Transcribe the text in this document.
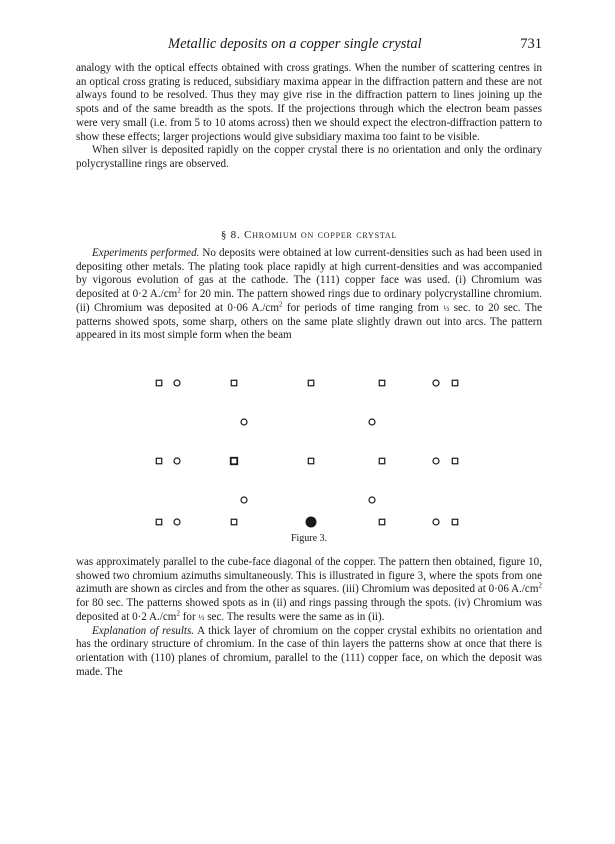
Metallic deposits on a copper single crystal	731

analogy with the optical effects obtained with cross gratings. When the number of scattering centres in an optical cross grating is reduced, subsidiary maxima appear in the diffraction pattern and these are not always found to be resolved. Thus they may give rise in the diffraction pattern to lines joining up the spots and of the same breadth as the spots. If the projections through which the electron beam passes were very small (i.e. from 5 to 10 atoms across) then we should expect the electron-diffraction pattern to show these effects; larger projections would give subsidiary maxima too faint to be visible.

When silver is deposited rapidly on the copper crystal there is no orientation and only the ordinary polycrystalline rings are observed.

§ 8. Chromium on copper crystal

Experiments performed. No deposits were obtained at low current-densities such as had been used in depositing other metals. The plating took place rapidly at high current-densities and was accompanied by vigorous evolution of gas at the cathode. The (111) copper face was used. (i) Chromium was deposited at 0·2 $A./cm^2$ for 20 min. The pattern showed rings due to ordinary polycrystalline chromium. (ii) Chromium was deposited at 0·06 $A./cm^2$ for periods of time ranging from ½ sec. to 20 sec. The patterns showed spots, some sharp, others on the same plate slightly drawn out into arcs. The pattern appeared in its most simple form when the beam

Figure 3.

was approximately parallel to the cube-face diagonal of the copper. The pattern then obtained, figure 10, showed two chromium azimuths simultaneously. This is illustrated in figure 3, where the spots from one azimuth are shown as circles and from the other as squares. (iii) Chromium was deposited at 0·06 $A./cm^2$ for 80 sec. The patterns showed spots as in (ii) and rings passing through the spots. (iv) Chromium was deposited at 0·2 $A./cm^2$ for ½ sec. The results were the same as in (ii).

Explanation of results. A thick layer of chromium on the copper crystal exhibits no orientation and has the ordinary structure of chromium. In the case of thin layers the patterns show at once that there is orientation with (110) planes of chromium, parallel to the (111) copper face, on which the deposit was made. The
